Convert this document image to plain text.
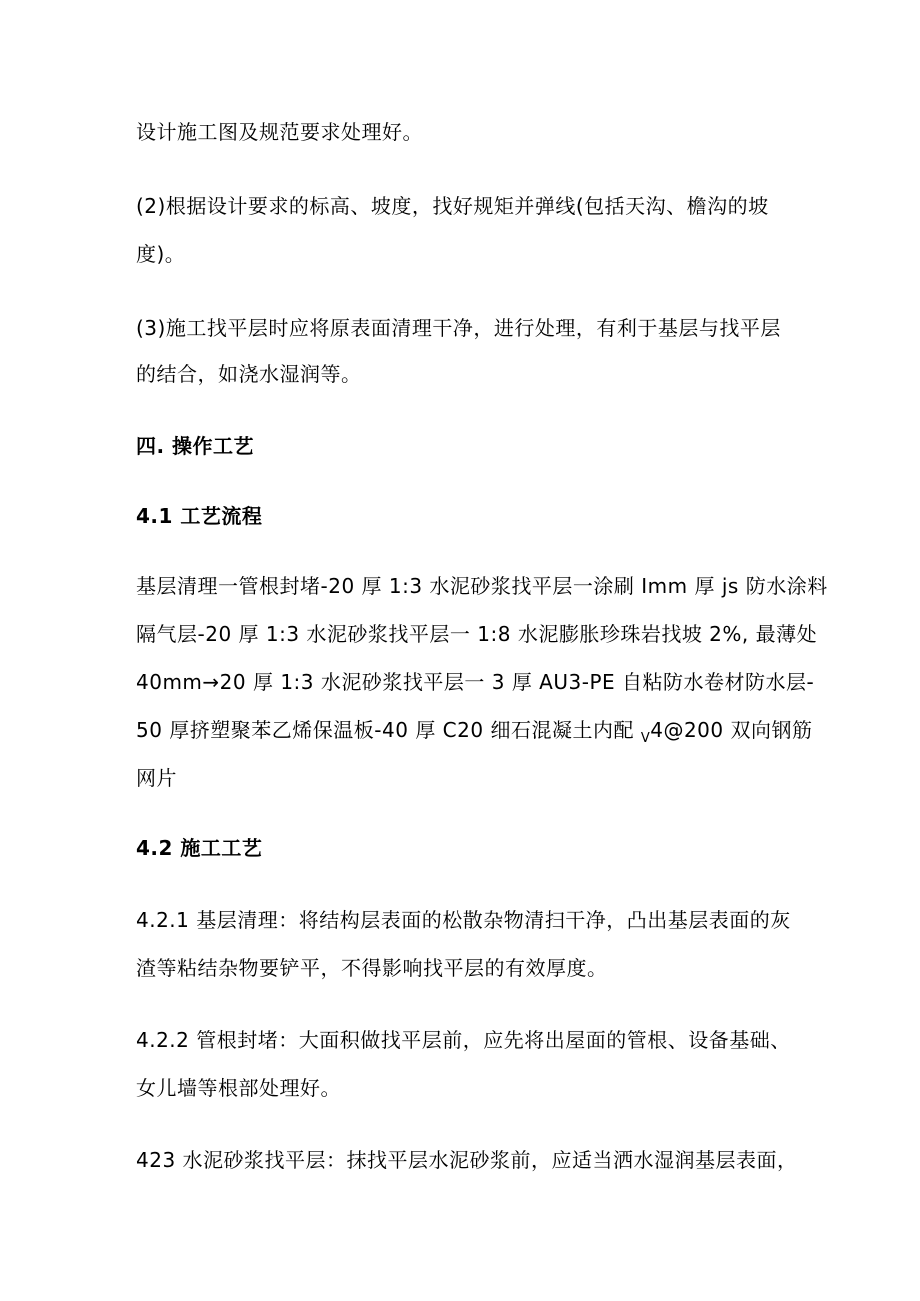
设计施工图及规范要求处理好。
(2)根据设计要求的标高、坡度，找好规矩并弹线(包括天沟、檐沟的坡
度)。
(3)施工找平层时应将原表面清理干净，进行处理，有利于基层与找平层
的结合，如浇水湿润等。
四. 操作工艺
4.1 工艺流程
基层清理一管根封堵-20 厚 1:3 水泥砂浆找平层一涂刷 Imm 厚 js 防水涂料
隔气层-20 厚 1:3 水泥砂浆找平层一 1:8 水泥膨胀珍珠岩找坡 2%, 最薄处
40mm→20 厚 1:3 水泥砂浆找平层一 3 厚 AU3-PE 自粘防水卷材防水层-
50 厚挤塑聚苯乙烯保温板-40 厚 C20 细石混凝土内配 $_V$4@200 双向钢筋
网片
4.2 施工工艺
4.2.1 基层清理：将结构层表面的松散杂物清扫干净，凸出基层表面的灰
渣等粘结杂物要铲平，不得影响找平层的有效厚度。
4.2.2 管根封堵：大面积做找平层前，应先将出屋面的管根、设备基础、
女儿墙等根部处理好。
423 水泥砂浆找平层：抹找平层水泥砂浆前，应适当洒水湿润基层表面，
